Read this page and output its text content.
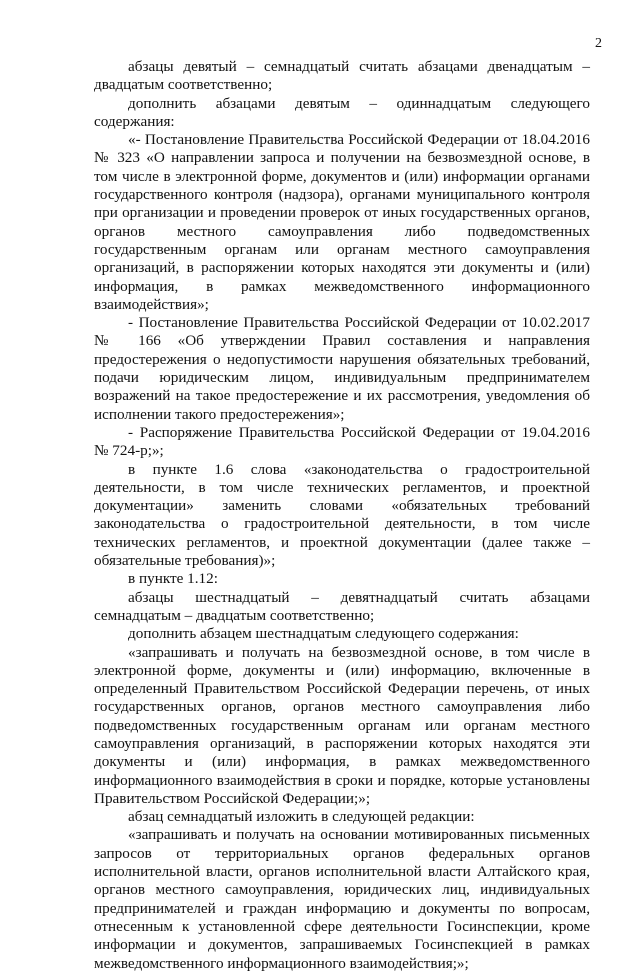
2

абзацы девятый – семнадцатый считать абзацами двенадцатым – двадцатым соответственно;

дополнить абзацами девятым – одиннадцатым следующего содержания:

«- Постановление Правительства Российской Федерации от 18.04.2016 № 323 «О направлении запроса и получении на безвозмездной основе, в том числе в электронной форме, документов и (или) информации органами государственного контроля (надзора), органами муниципального контроля при организации и проведении проверок от иных государственных органов, органов местного самоуправления либо подведомственных государственным органам или органам местного самоуправления организаций, в распоряжении которых находятся эти документы и (или) информация, в рамках межведомственного информационного взаимодействия»;

- Постановление Правительства Российской Федерации от 10.02.2017 № 166 «Об утверждении Правил составления и направления предостережения о недопустимости нарушения обязательных требований, подачи юридическим лицом, индивидуальным предпринимателем возражений на такое предостережение и их рассмотрения, уведомления об исполнении такого предостережения»;

- Распоряжение Правительства Российской Федерации от 19.04.2016 № 724-р;»;

в пункте 1.6 слова «законодательства о градостроительной деятельности, в том числе технических регламентов, и проектной документации» заменить словами «обязательных требований законодательства о градостроительной деятельности, в том числе технических регламентов, и проектной документации (далее также – обязательные требования)»;

в пункте 1.12:

абзацы шестнадцатый – девятнадцатый считать абзацами семнадцатым – двадцатым соответственно;

дополнить абзацем шестнадцатым следующего содержания:

«запрашивать и получать на безвозмездной основе, в том числе в электронной форме, документы и (или) информацию, включенные в определенный Правительством Российской Федерации перечень, от иных государственных органов, органов местного самоуправления либо подведомственных государственным органам или органам местного самоуправления организаций, в распоряжении которых находятся эти документы и (или) информация, в рамках межведомственного информационного взаимодействия в сроки и порядке, которые установлены Правительством Российской Федерации;»;

абзац семнадцатый изложить в следующей редакции:

«запрашивать и получать на основании мотивированных письменных запросов от территориальных органов федеральных органов исполнительной власти, органов исполнительной власти Алтайского края, органов местного самоуправления, юридических лиц, индивидуальных предпринимателей и граждан информацию и документы по вопросам, отнесенным к установленной сфере деятельности Госинспекции, кроме информации и документов, запрашиваемых Госинспекцией в рамках межведомственного информационного взаимодействия;»;
